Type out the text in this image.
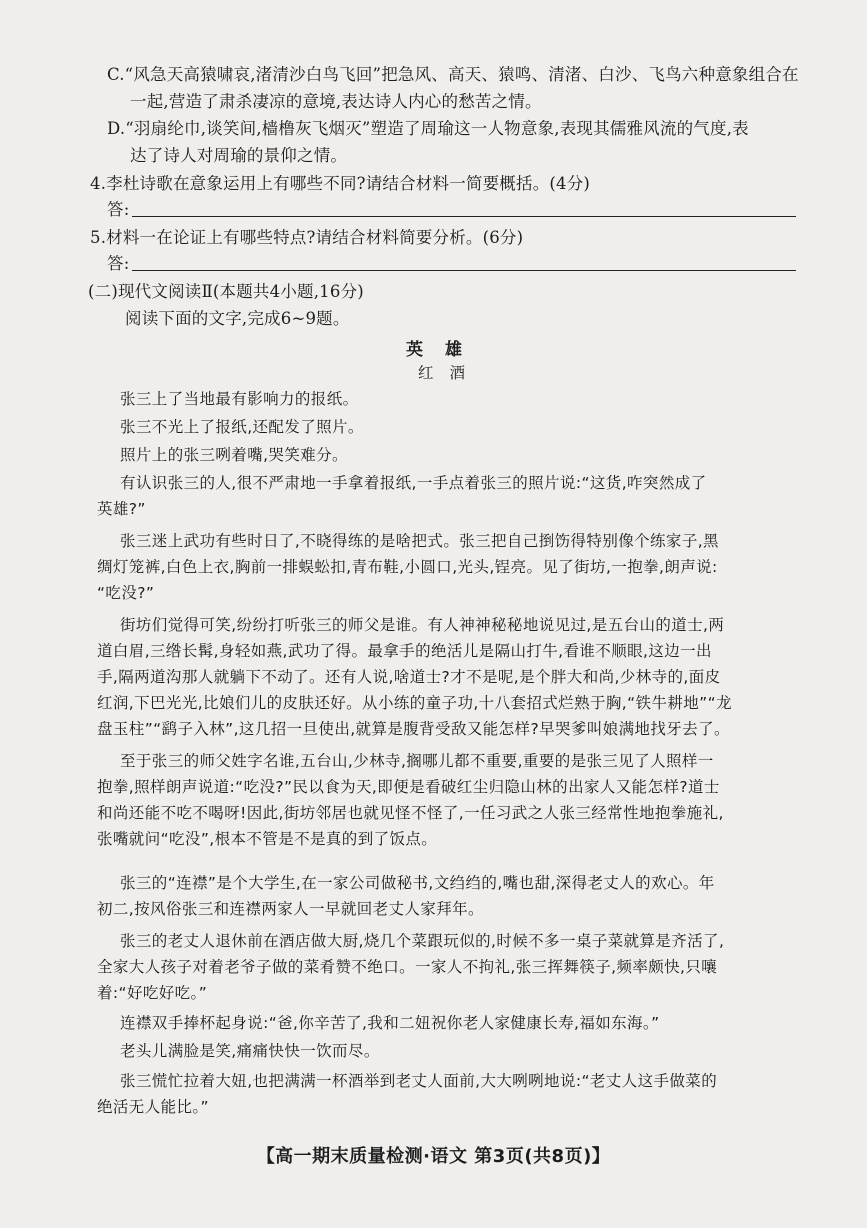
C.“风急天高猿啸哀,渚清沙白鸟飞回”把急风、高天、猿鸣、清渚、白沙、飞鸟六种意象组合在
一起,营造了肃杀凄凉的意境,表达诗人内心的愁苦之情。
D.“羽扇纶巾,谈笑间,樯橹灰飞烟灭”塑造了周瑜这一人物意象,表现其儒雅风流的气度,表
达了诗人对周瑜的景仰之情。
4.李杜诗歌在意象运用上有哪些不同?请结合材料一简要概括。(4分)
答:
5.材料一在论证上有哪些特点?请结合材料简要分析。(6分)
答:
(二)现代文阅读Ⅱ(本题共4小题,16分)
阅读下面的文字,完成6~9题。
英雄
红酒
张三上了当地最有影响力的报纸。
张三不光上了报纸,还配发了照片。
照片上的张三咧着嘴,哭笑难分。
有认识张三的人,很不严肃地一手拿着报纸,一手点着张三的照片说:“这货,咋突然成了
英雄?”
张三迷上武功有些时日了,不晓得练的是啥把式。张三把自己捯饬得特别像个练家子,黑
绸灯笼裤,白色上衣,胸前一排蜈蚣扣,青布鞋,小圆口,光头,锃亮。见了街坊,一抱拳,朗声说:
“吃没?”
街坊们觉得可笑,纷纷打听张三的师父是谁。有人神神秘秘地说见过,是五台山的道士,两
道白眉,三绺长髯,身轻如燕,武功了得。最拿手的绝活儿是隔山打牛,看谁不顺眼,这边一出
手,隔两道沟那人就躺下不动了。还有人说,啥道士?才不是呢,是个胖大和尚,少林寺的,面皮
红润,下巴光光,比娘们儿的皮肤还好。从小练的童子功,十八套招式烂熟于胸,“铁牛耕地”“龙
盘玉柱”“鹞子入林”,这几招一旦使出,就算是腹背受敌又能怎样?早哭爹叫娘满地找牙去了。
至于张三的师父姓字名谁,五台山,少林寺,搁哪儿都不重要,重要的是张三见了人照样一
抱拳,照样朗声说道:“吃没?”民以食为天,即便是看破红尘归隐山林的出家人又能怎样?道士
和尚还能不吃不喝呀!因此,街坊邻居也就见怪不怪了,一任习武之人张三经常性地抱拳施礼,
张嘴就问“吃没”,根本不管是不是真的到了饭点。
张三的“连襟”是个大学生,在一家公司做秘书,文绉绉的,嘴也甜,深得老丈人的欢心。年
初二,按风俗张三和连襟两家人一早就回老丈人家拜年。
张三的老丈人退休前在酒店做大厨,烧几个菜跟玩似的,时候不多一桌子菜就算是齐活了,
全家大人孩子对着老爷子做的菜肴赞不绝口。一家人不拘礼,张三挥舞筷子,频率颇快,只嚷
着:“好吃好吃。”
连襟双手捧杯起身说:“爸,你辛苦了,我和二妞祝你老人家健康长寿,福如东海。”
老头儿满脸是笑,痛痛快快一饮而尽。
张三慌忙拉着大妞,也把满满一杯酒举到老丈人面前,大大咧咧地说:“老丈人这手做菜的
绝活无人能比。”
【高一期末质量检测·语文 第3页(共8页)】
